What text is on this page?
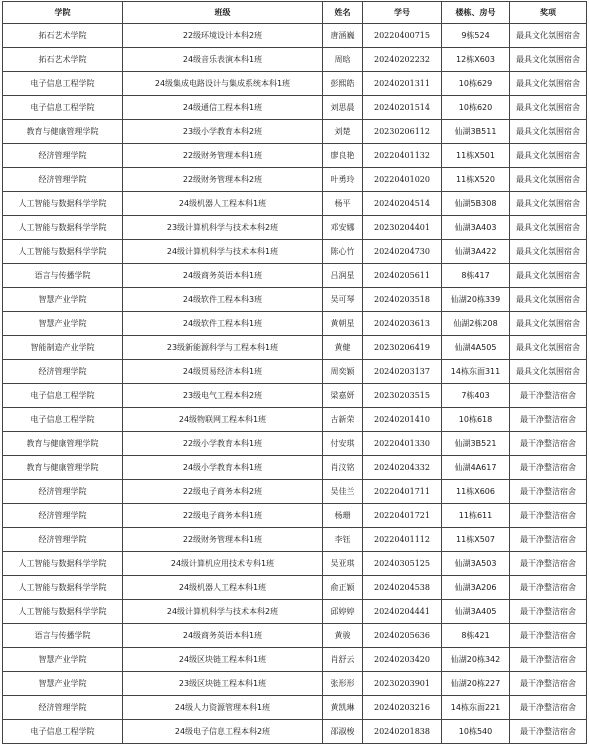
学院	班级	姓名	学号	楼栋、房号	奖项
拓石艺术学院	22级环境设计本科2班	唐涵巍	20220400715	9栋524	最具文化氛围宿舍
拓石艺术学院	24级音乐表演本科1班	周晗	20240202232	12栋X603	最具文化氛围宿舍
电子信息工程学院	24级集成电路设计与集成系统本科1班	彭熙皓	20240201311	10栋629	最具文化氛围宿舍
电子信息工程学院	24级通信工程本科1班	刘思晨	20240201514	10栋620	最具文化氛围宿舍
教育与健康管理学院	23级小学教育本科2班	刘楚	20230206112	仙湖3B511	最具文化氛围宿舍
经济管理学院	22级财务管理本科1班	廖良艳	20220401132	11栋X501	最具文化氛围宿舍
经济管理学院	22级财务管理本科2班	叶勇玲	20220401020	11栋X520	最具文化氛围宿舍
人工智能与数据科学学院	24级机器人工程本科1班	杨平	20240204514	仙湖5B308	最具文化氛围宿舍
人工智能与数据科学学院	23级计算机科学与技术本科2班	邓安娜	20230204401	仙湖3A403	最具文化氛围宿舍
人工智能与数据科学学院	24级计算机科学与技术本科1班	陈心竹	20240204730	仙湖3A422	最具文化氛围宿舍
语言与传播学院	24级商务英语本科1班	吕润星	20240205611	8栋417	最具文化氛围宿舍
智慧产业学院	24级软件工程本科3班	吴可琴	20240203518	仙湖20栋339	最具文化氛围宿舍
智慧产业学院	24级软件工程本科1班	黄朝星	20240203613	仙湖2栋208	最具文化氛围宿舍
智能制造产业学院	23级新能源科学与工程本科1班	黄健	20230206419	仙湖4A505	最具文化氛围宿舍
经济管理学院	24级贸易经济本科1班	周奕颖	20240203137	14栋东面311	最具文化氛围宿舍
电子信息工程学院	23级电气工程本科2班	梁嘉妍	20230203515	7栋403	最干净整洁宿舍
电子信息工程学院	24级物联网工程本科1班	古新荣	20240201410	10栋618	最干净整洁宿舍
教育与健康管理学院	22级小学教育本科1班	付安琪	20220401330	仙湖3B521	最干净整洁宿舍
教育与健康管理学院	24级小学教育本科1班	肖汶铭	20240204332	仙湖4A617	最干净整洁宿舍
经济管理学院	22级电子商务本科2班	吴佳兰	20220401711	11栋X606	最干净整洁宿舍
经济管理学院	22级电子商务本科1班	杨珊	20220401721	11栋611	最干净整洁宿舍
经济管理学院	22级财务管理本科1班	李钰	20220401112	11栋X507	最干净整洁宿舍
人工智能与数据科学学院	24级计算机应用技术专科1班	吴亚琪	20240305125	仙湖3A503	最干净整洁宿舍
人工智能与数据科学学院	24级机器人工程本科1班	俞正颖	20240204538	仙湖3A206	最干净整洁宿舍
人工智能与数据科学学院	24级计算机科学与技术本科2班	邱婷婷	20240204441	仙湖3A405	最干净整洁宿舍
语言与传播学院	24级商务英语本科1班	黄骏	20240205636	8栋421	最干净整洁宿舍
智慧产业学院	24级区块链工程本科1班	肖舒云	20240203420	仙湖20栋342	最干净整洁宿舍
智慧产业学院	23级区块链工程本科1班	张形形	20230203901	仙湖20栋227	最干净整洁宿舍
经济管理学院	24级人力资源管理本科1班	黄凯琳	20240203216	14栋东面221	最干净整洁宿舍
电子信息工程学院	24级电子信息工程本科2班	邵淑梭	20240201838	10栋540	最干净整洁宿舍
